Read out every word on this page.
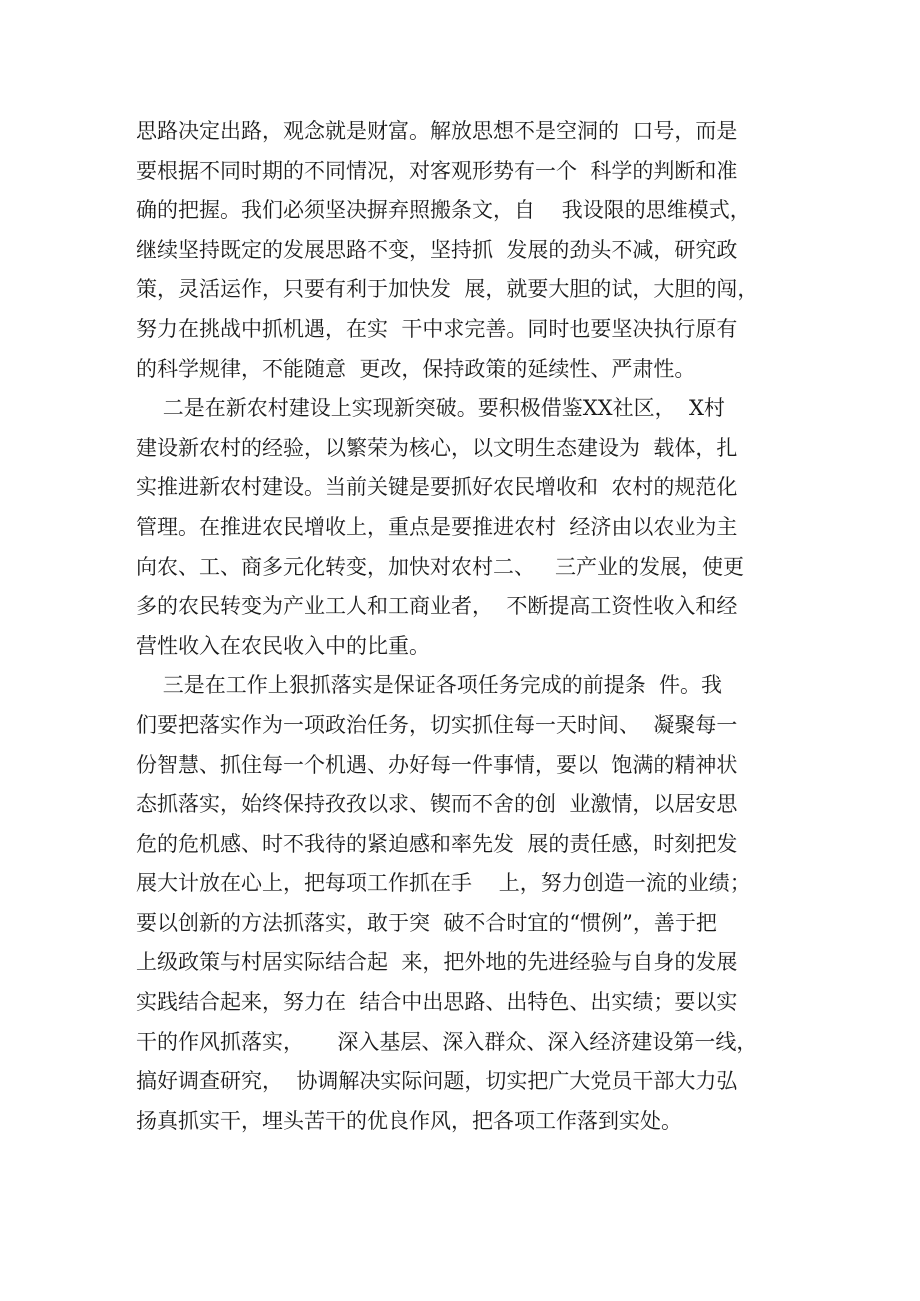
思路决定出路，观念就是财富。解放思想不是空洞的  口号，而是
要根据不同时期的不同情况，对客观形势有一个  科学的判断和准
确的把握。我们必须坚决摒弃照搬条文，自    我设限的思维模式，
继续坚持既定的发展思路不变，坚持抓  发展的劲头不减，研究政
策，灵活运作，只要有利于加快发  展，就要大胆的试，大胆的闯，
努力在挑战中抓机遇，在实  干中求完善。同时也要坚决执行原有
的科学规律，不能随意  更改，保持政策的延续性、严肃性。
二是在新农村建设上实现新突破。要积极借鉴XX社区，  X村
建设新农村的经验，以繁荣为核心，以文明生态建设为  载体，扎
实推进新农村建设。当前关键是要抓好农民增收和  农村的规范化
管理。在推进农民增收上，重点是要推进农村  经济由以农业为主
向农、工、商多元化转变，加快对农村二、   三产业的发展，使更
多的农民转变为产业工人和工商业者，  不断提高工资性收入和经
营性收入在农民收入中的比重。
三是在工作上狠抓落实是保证各项任务完成的前提条  件。我
们要把落实作为一项政治任务，切实抓住每一天时间、  凝聚每一
份智慧、抓住每一个机遇、办好每一件事情，要以  饱满的精神状
态抓落实，始终保持孜孜以求、锲而不舍的创  业激情，以居安思
危的危机感、时不我待的紧迫感和率先发  展的责任感，时刻把发
展大计放在心上，把每项工作抓在手    上，努力创造一流的业绩；
要以创新的方法抓落实，敢于突  破不合时宜的“惯例”，善于把
上级政策与村居实际结合起  来，把外地的先进经验与自身的发展
实践结合起来，努力在  结合中出思路、出特色、出实绩；要以实
干的作风抓落实，     深入基层、深入群众、深入经济建设第一线，
搞好调查研究，  协调解决实际问题，切实把广大党员干部大力弘
扬真抓实干，埋头苦干的优良作风，把各项工作落到实处。
